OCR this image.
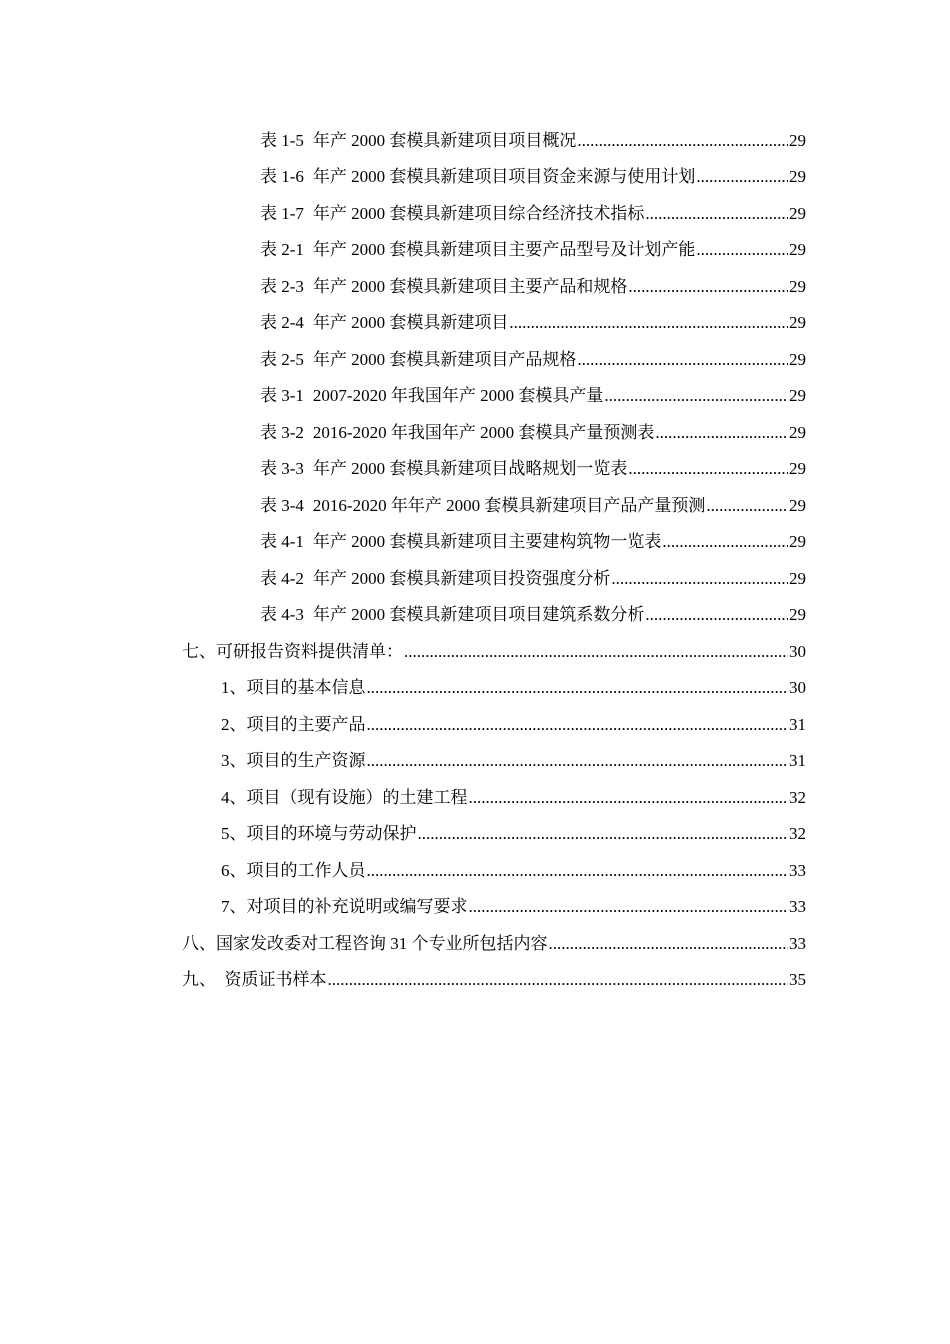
表 1-5 年产 2000 套模具新建项目项目概况 .....	29
表 1-6 年产 2000 套模具新建项目项目资金来源与使用计划 .....	29
表 1-7 年产 2000 套模具新建项目综合经济技术指标 .....	29
表 2-1 年产 2000 套模具新建项目主要产品型号及计划产能 .....	29
表 2-3 年产 2000 套模具新建项目主要产品和规格 .....	29
表 2-4 年产 2000 套模具新建项目 .....	29
表 2-5 年产 2000 套模具新建项目产品规格 .....	29
表 3-1 2007-2020 年我国年产 2000 套模具产量 .....	29
表 3-2 2016-2020 年我国年产 2000 套模具产量预测表 .....	29
表 3-3 年产 2000 套模具新建项目战略规划一览表 .....	29
表 3-4 2016-2020 年年产 2000 套模具新建项目产品产量预测 .....	29
表 4-1 年产 2000 套模具新建项目主要建构筑物一览表 .....	29
表 4-2 年产 2000 套模具新建项目投资强度分析 .....	29
表 4-3 年产 2000 套模具新建项目项目建筑系数分析 .....	29
七、可研报告资料提供清单： .....	30
1、项目的基本信息 .....	30
2、项目的主要产品 .....	31
3、项目的生产资源 .....	31
4、项目（现有设施）的土建工程 .....	32
5、项目的环境与劳动保护 .....	32
6、项目的工作人员 .....	33
7、对项目的补充说明或编写要求 .....	33
八、国家发改委对工程咨询 31 个专业所包括内容 .....	33
九、  资质证书样本 .....	35
